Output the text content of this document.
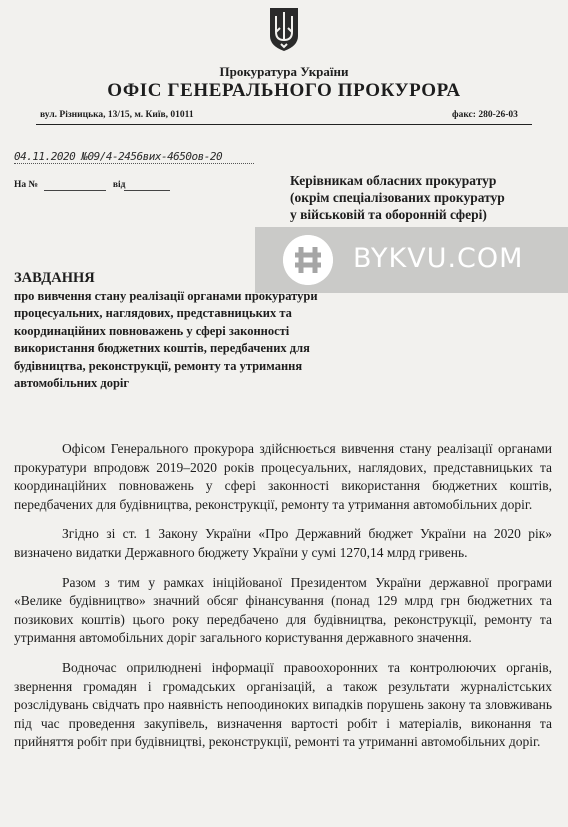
Прокуратура України
ОФІС ГЕНЕРАЛЬНОГО ПРОКУРОРА
вул. Різницька, 13/15, м. Київ, 01011	факс: 280-26-03
04.11.2020 №09/4-2456вих-4650ов-20
На №	від	Керівникам обласних прокуратур
(окрім спеціалізованих прокуратур
у військовій та оборонній сфері)
BYKVU.COM
ЗАВДАННЯ
про вивчення стану реалізації органами прокуратури процесуальних, наглядових, представницьких та координаційних повноважень у сфері законності використання бюджетних коштів, передбачених для будівництва, реконструкції, ремонту та утримання автомобільних доріг

Офісом Генерального прокурора здійснюється вивчення стану реалізації органами прокуратури впродовж 2019–2020 років процесуальних, наглядових, представницьких та координаційних повноважень у сфері законності використання бюджетних коштів, передбачених для будівництва, реконструкції, ремонту та утримання автомобільних доріг.

Згідно зі ст. 1 Закону України «Про Державний бюджет України на 2020 рік» визначено видатки Державного бюджету України у сумі 1270,14 млрд гривень.

Разом з тим у рамках ініційованої Президентом України державної програми «Велике будівництво» значний обсяг фінансування (понад 129 млрд грн бюджетних та позикових коштів) цього року передбачено для будівництва, реконструкції, ремонту та утримання автомобільних доріг загального користування державного значення.

Водночас оприлюднені інформації правоохоронних та контролюючих органів, звернення громадян і громадських організацій, а також результати журналістських розслідувань свідчать про наявність непоодиноких випадків порушень закону та зловживань під час проведення закупівель, визначення вартості робіт і матеріалів, виконання та прийняття робіт при будівництві, реконструкції, ремонті та утриманні автомобільних доріг.
